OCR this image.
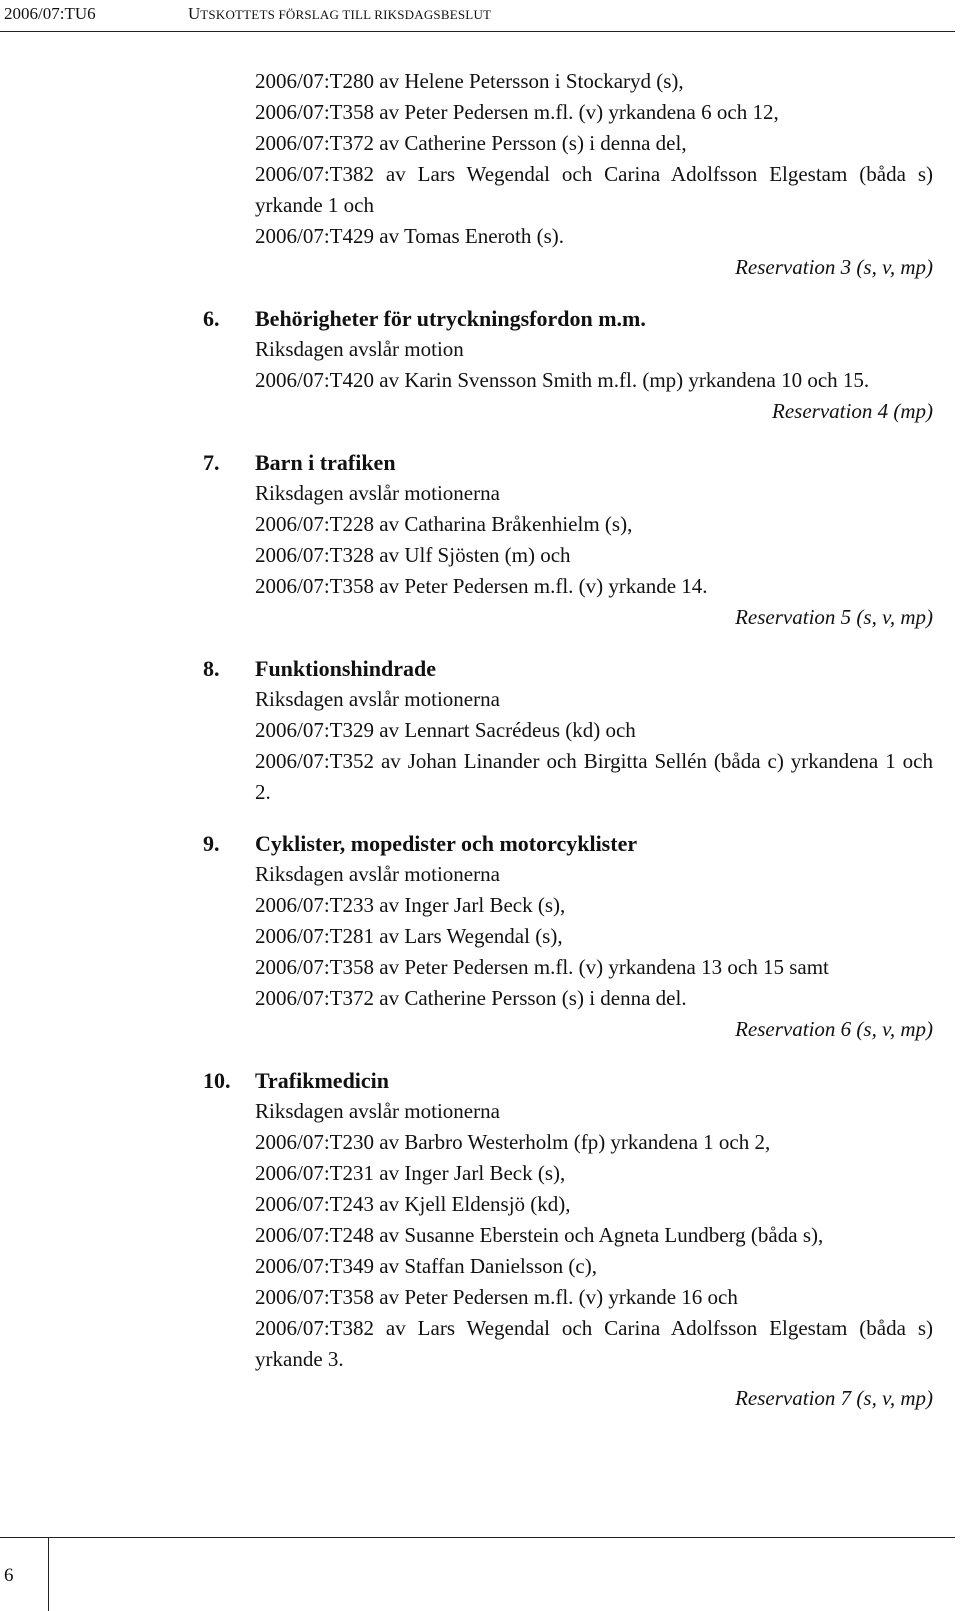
2006/07:TU6	UTSKOTTETS FÖRSLAG TILL RIKSDAGSBESLUT

2006/07:T280 av Helene Petersson i Stockaryd (s),

2006/07:T358 av Peter Pedersen m.fl. (v) yrkandena 6 och 12,

2006/07:T372 av Catherine Persson (s) i denna del,

2006/07:T382 av Lars Wegendal och Carina Adolfsson Elgestam (båda s) yrkande 1 och

2006/07:T429 av Tomas Eneroth (s).

Reservation 3 (s, v, mp)

6. Behörigheter för utryckningsfordon m.m.

Riksdagen avslår motion

2006/07:T420 av Karin Svensson Smith m.fl. (mp) yrkandena 10 och 15.

Reservation 4 (mp)

7. Barn i trafiken

Riksdagen avslår motionerna

2006/07:T228 av Catharina Bråkenhielm (s),

2006/07:T328 av Ulf Sjösten (m) och

2006/07:T358 av Peter Pedersen m.fl. (v) yrkande 14.

Reservation 5 (s, v, mp)

8. Funktionshindrade

Riksdagen avslår motionerna

2006/07:T329 av Lennart Sacrédeus (kd) och

2006/07:T352 av Johan Linander och Birgitta Sellén (båda c) yrkandena 1 och 2.

9. Cyklister, mopedister och motorcyklister

Riksdagen avslår motionerna

2006/07:T233 av Inger Jarl Beck (s),

2006/07:T281 av Lars Wegendal (s),

2006/07:T358 av Peter Pedersen m.fl. (v) yrkandena 13 och 15 samt

2006/07:T372 av Catherine Persson (s) i denna del.

Reservation 6 (s, v, mp)

10. Trafikmedicin

Riksdagen avslår motionerna

2006/07:T230 av Barbro Westerholm (fp) yrkandena 1 och 2,

2006/07:T231 av Inger Jarl Beck (s),

2006/07:T243 av Kjell Eldensjö (kd),

2006/07:T248 av Susanne Eberstein och Agneta Lundberg (båda s),

2006/07:T349 av Staffan Danielsson (c),

2006/07:T358 av Peter Pedersen m.fl. (v) yrkande 16 och

2006/07:T382 av Lars Wegendal och Carina Adolfsson Elgestam (båda s) yrkande 3.

Reservation 7 (s, v, mp)

6
